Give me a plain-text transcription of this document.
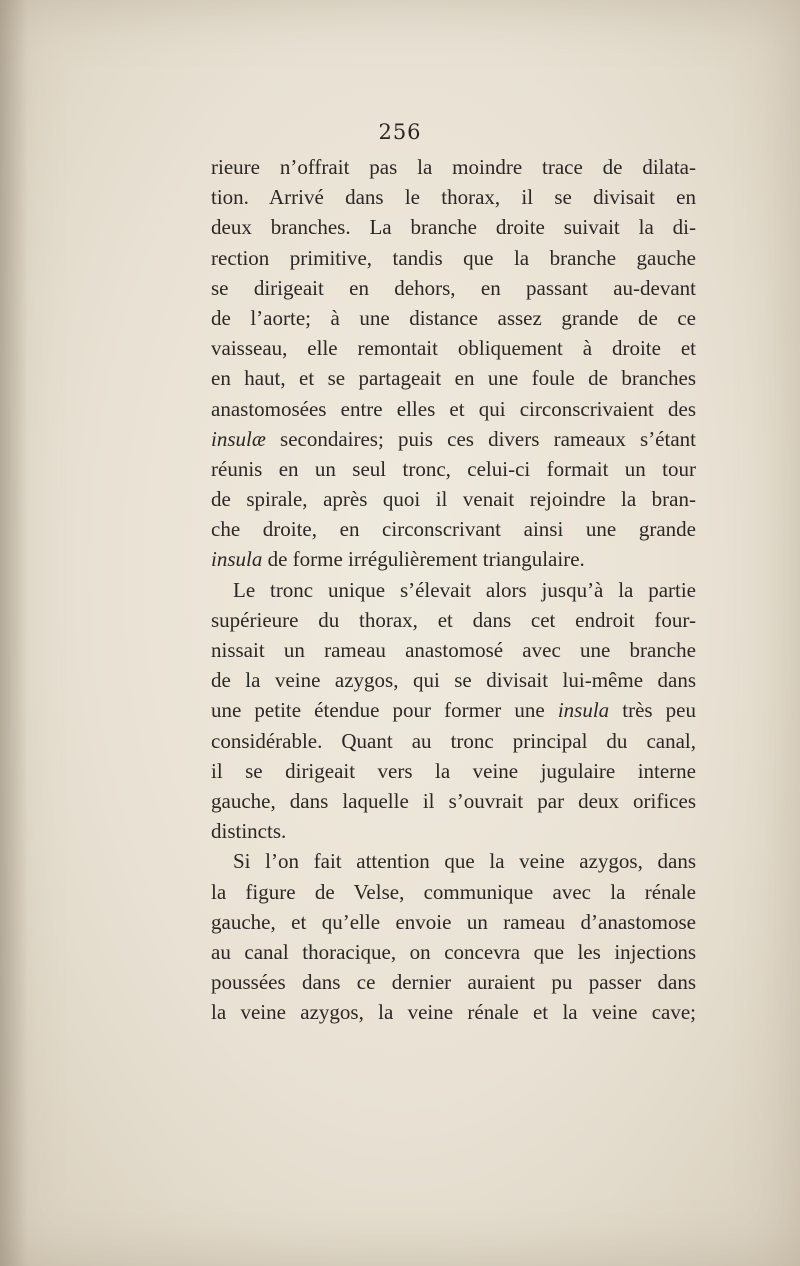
256
rieure n’offrait pas la moindre trace de dilata-
tion. Arrivé dans le thorax, il se divisait en
deux branches. La branche droite suivait la di-
rection primitive, tandis que la branche gauche
se dirigeait en dehors, en passant au-devant
de l’aorte; à une distance assez grande de ce
vaisseau, elle remontait obliquement à droite et
en haut, et se partageait en une foule de branches
anastomosées entre elles et qui circonscrivaient des
insulæ secondaires; puis ces divers rameaux s’étant
réunis en un seul tronc, celui-ci formait un tour
de spirale, après quoi il venait rejoindre la bran-
che droite, en circonscrivant ainsi une grande
insula de forme irrégulièrement triangulaire.
Le tronc unique s’élevait alors jusqu’à la partie
supérieure du thorax, et dans cet endroit four-
nissait un rameau anastomosé avec une branche
de la veine azygos, qui se divisait lui-même dans
une petite étendue pour former une insula très peu
considérable. Quant au tronc principal du canal,
il se dirigeait vers la veine jugulaire interne
gauche, dans laquelle il s’ouvrait par deux orifices
distincts.
Si l’on fait attention que la veine azygos, dans
la figure de Velse, communique avec la rénale
gauche, et qu’elle envoie un rameau d’anastomose
au canal thoracique, on concevra que les injections
poussées dans ce dernier auraient pu passer dans
la veine azygos, la veine rénale et la veine cave;
